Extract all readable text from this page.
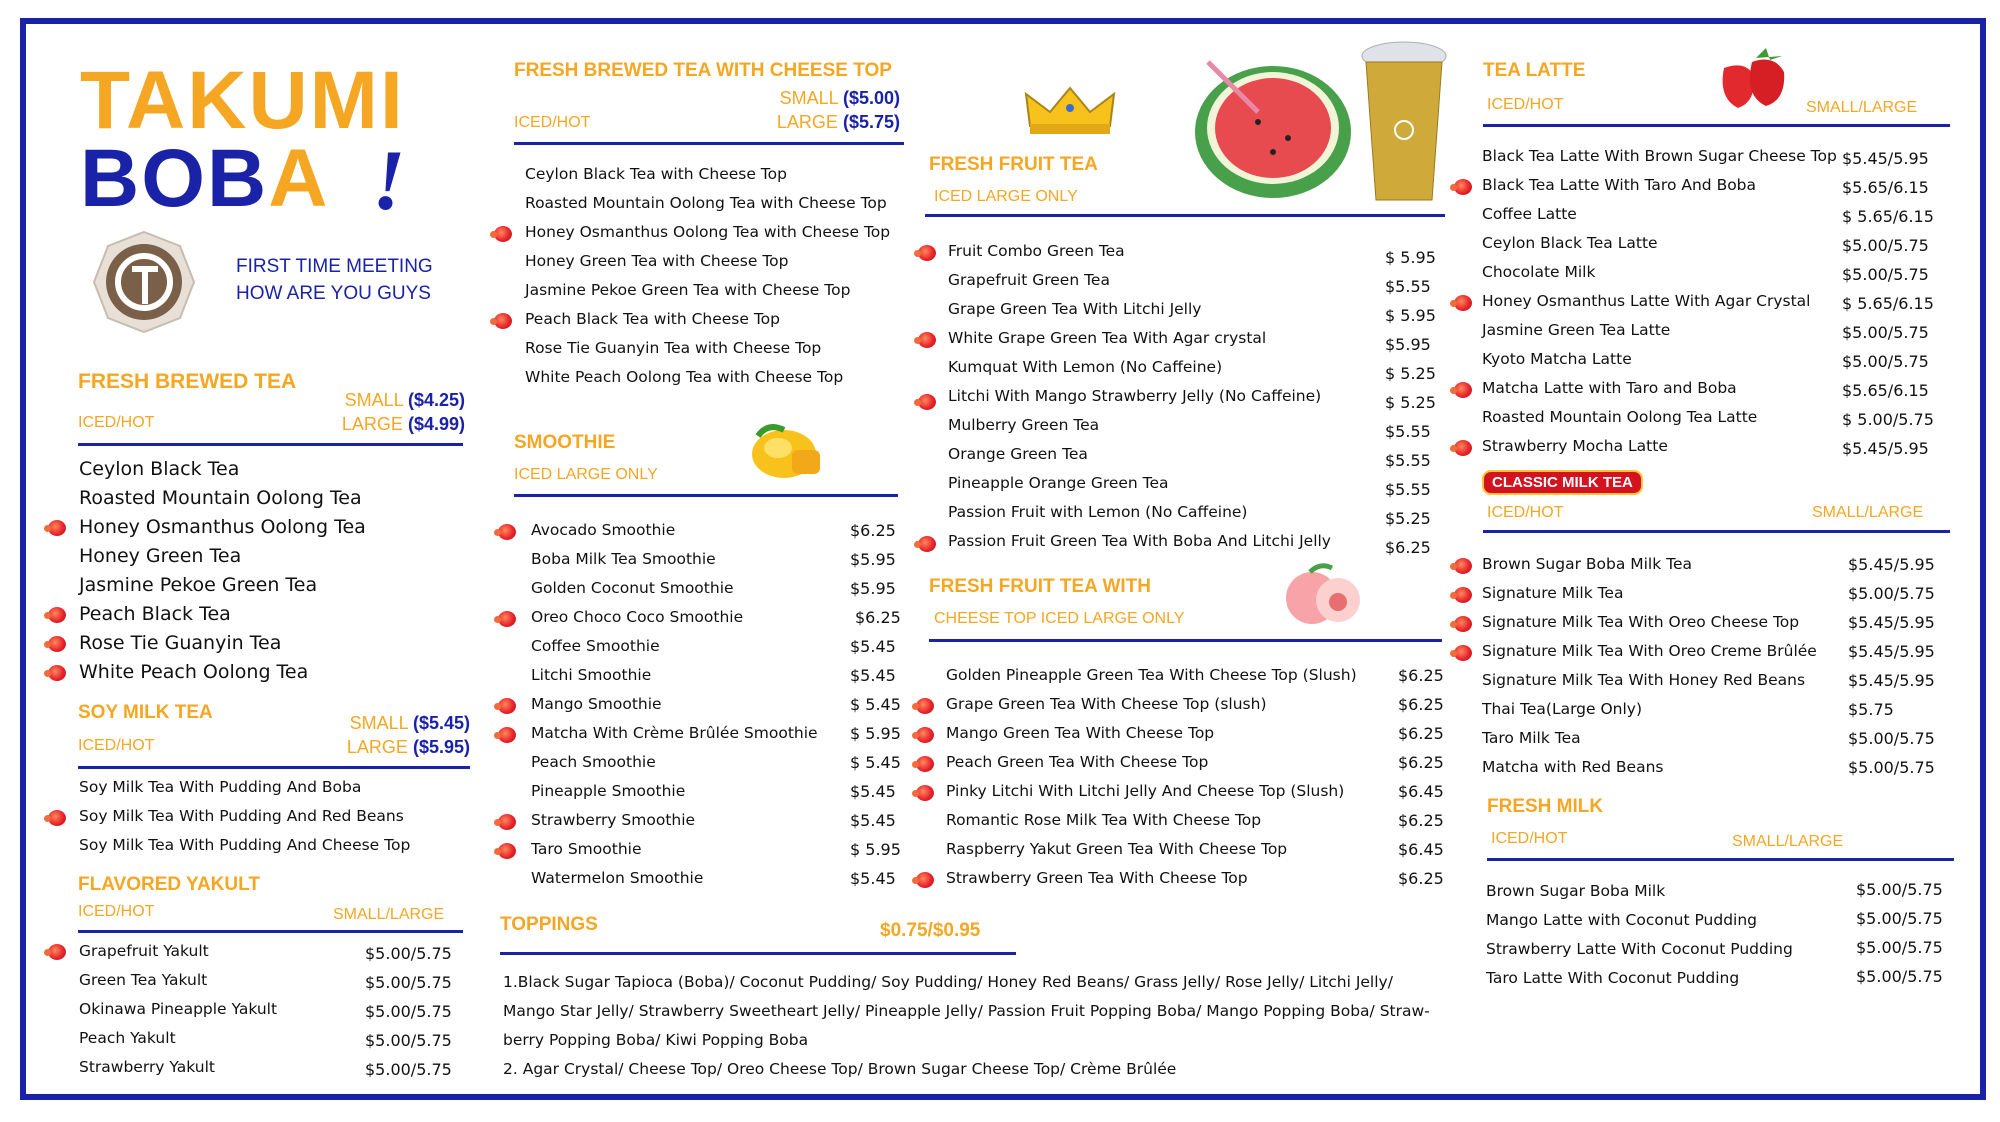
TAKUMI
BOBA !
FIRST TIME MEETING
HOW ARE YOU GUYS
FRESH BREWED TEA
ICED/HOT
SMALL ($4.25)
LARGE ($4.99)
Ceylon Black Tea
Roasted Mountain Oolong Tea
Honey Osmanthus Oolong Tea
Honey Green Tea
Jasmine Pekoe Green Tea
Peach Black Tea
Rose Tie Guanyin Tea
White Peach Oolong Tea
SOY MILK TEA
ICED/HOT
SMALL ($5.45)
LARGE ($5.95)
Soy Milk Tea With Pudding And Boba
Soy Milk Tea With Pudding And Red Beans
Soy Milk Tea With Pudding And Cheese Top
FLAVORED YAKULT
ICED/HOT	SMALL/LARGE
Grapefruit Yakult	$5.00/5.75
Green Tea Yakult	$5.00/5.75
Okinawa Pineapple Yakult	$5.00/5.75
Peach Yakult	$5.00/5.75
Strawberry Yakult	$5.00/5.75
FRESH BREWED TEA WITH CHEESE TOP
SMALL ($5.00)
LARGE ($5.75)
ICED/HOT
Ceylon Black Tea with Cheese Top
Roasted Mountain Oolong Tea with Cheese Top
Honey Osmanthus Oolong Tea with Cheese Top
Honey Green Tea with Cheese Top
Jasmine Pekoe Green Tea with Cheese Top
Peach Black Tea with Cheese Top
Rose Tie Guanyin Tea with Cheese Top
White Peach Oolong Tea with Cheese Top
SMOOTHIE
ICED LARGE ONLY
Avocado Smoothie	$6.25
Boba Milk Tea Smoothie	$5.95
Golden Coconut Smoothie	$5.95
Oreo Choco Coco Smoothie	$6.25
Coffee Smoothie	$5.45
Litchi Smoothie	$5.45
Mango Smoothie	$ 5.45
Matcha With Crème Brûlée Smoothie $ 5.95
Peach Smoothie	$ 5.45
Pineapple Smoothie	$5.45
Strawberry Smoothie	$5.45
Taro Smoothie	$ 5.95
Watermelon Smoothie	$5.45
TOPPINGS	$0.75/$0.95
1.Black Sugar Tapioca (Boba)/ Coconut Pudding/ Soy Pudding/ Honey Red Beans/ Grass Jelly/ Rose Jelly/ Litchi Jelly/
Mango Star Jelly/ Strawberry Sweetheart Jelly/ Pineapple Jelly/ Passion Fruit Popping Boba/ Mango Popping Boba/ Straw-
berry Popping Boba/ Kiwi Popping Boba
2. Agar Crystal/ Cheese Top/ Oreo Cheese Top/ Brown Sugar Cheese Top/ Crème Brûlée
FRESH FRUIT TEA
ICED LARGE ONLY
Fruit Combo Green Tea	$ 5.95
Grapefruit Green Tea	$5.55
Grape Green Tea With Litchi Jelly	$ 5.95
White Grape Green Tea With Agar crystal	$5.95
Kumquat With Lemon (No Caffeine)	$ 5.25
Litchi With Mango Strawberry Jelly (No Caffeine)	$ 5.25
Mulberry Green Tea	$5.55
Orange Green Tea	$5.55
Pineapple Orange Green Tea	$5.55
Passion Fruit with Lemon (No Caffeine)	$5.25
Passion Fruit Green Tea With Boba And Litchi Jelly	$6.25
FRESH FRUIT TEA WITH
CHEESE TOP ICED LARGE ONLY
Golden Pineapple Green Tea With Cheese Top (Slush)	$6.25
Grape Green Tea With Cheese Top (slush)	$6.25
Mango Green Tea With Cheese Top	$6.25
Peach Green Tea With Cheese Top	$6.25
Pinky Litchi With Litchi Jelly And Cheese Top (Slush)	$6.45
Romantic Rose Milk Tea With Cheese Top	$6.25
Raspberry Yakut Green Tea With Cheese Top	$6.45
Strawberry Green Tea With Cheese Top	$6.25
TEA LATTE
ICED/HOT	SMALL/LARGE
Black Tea Latte With Brown Sugar Cheese Top $5.45/5.95
Black Tea Latte With Taro And Boba	$5.65/6.15
Coffee Latte	$ 5.65/6.15
Ceylon Black Tea Latte	$5.00/5.75
Chocolate Milk	$5.00/5.75
Honey Osmanthus Latte With Agar Crystal $ 5.65/6.15
Jasmine Green Tea Latte	$5.00/5.75
Kyoto Matcha Latte	$5.00/5.75
Matcha Latte with Taro and Boba	$5.65/6.15
Roasted Mountain Oolong Tea Latte	$ 5.00/5.75
Strawberry Mocha Latte	$5.45/5.95
CLASSIC MILK TEA
ICED/HOT	SMALL/LARGE
Brown Sugar Boba Milk Tea	$5.45/5.95
Signature Milk Tea	$5.00/5.75
Signature Milk Tea With Oreo Cheese Top	$5.45/5.95
Signature Milk Tea With Oreo Creme Brûlée $5.45/5.95
Signature Milk Tea With Honey Red Beans	$5.45/5.95
Thai Tea(Large Only)	$5.75
Taro Milk Tea	$5.00/5.75
Matcha with Red Beans	$5.00/5.75
FRESH MILK
ICED/HOT	SMALL/LARGE
Brown Sugar Boba Milk	$5.00/5.75
Mango Latte with Coconut Pudding	$5.00/5.75
Strawberry Latte With Coconut Pudding	$5.00/5.75
Taro Latte With Coconut Pudding	$5.00/5.75
